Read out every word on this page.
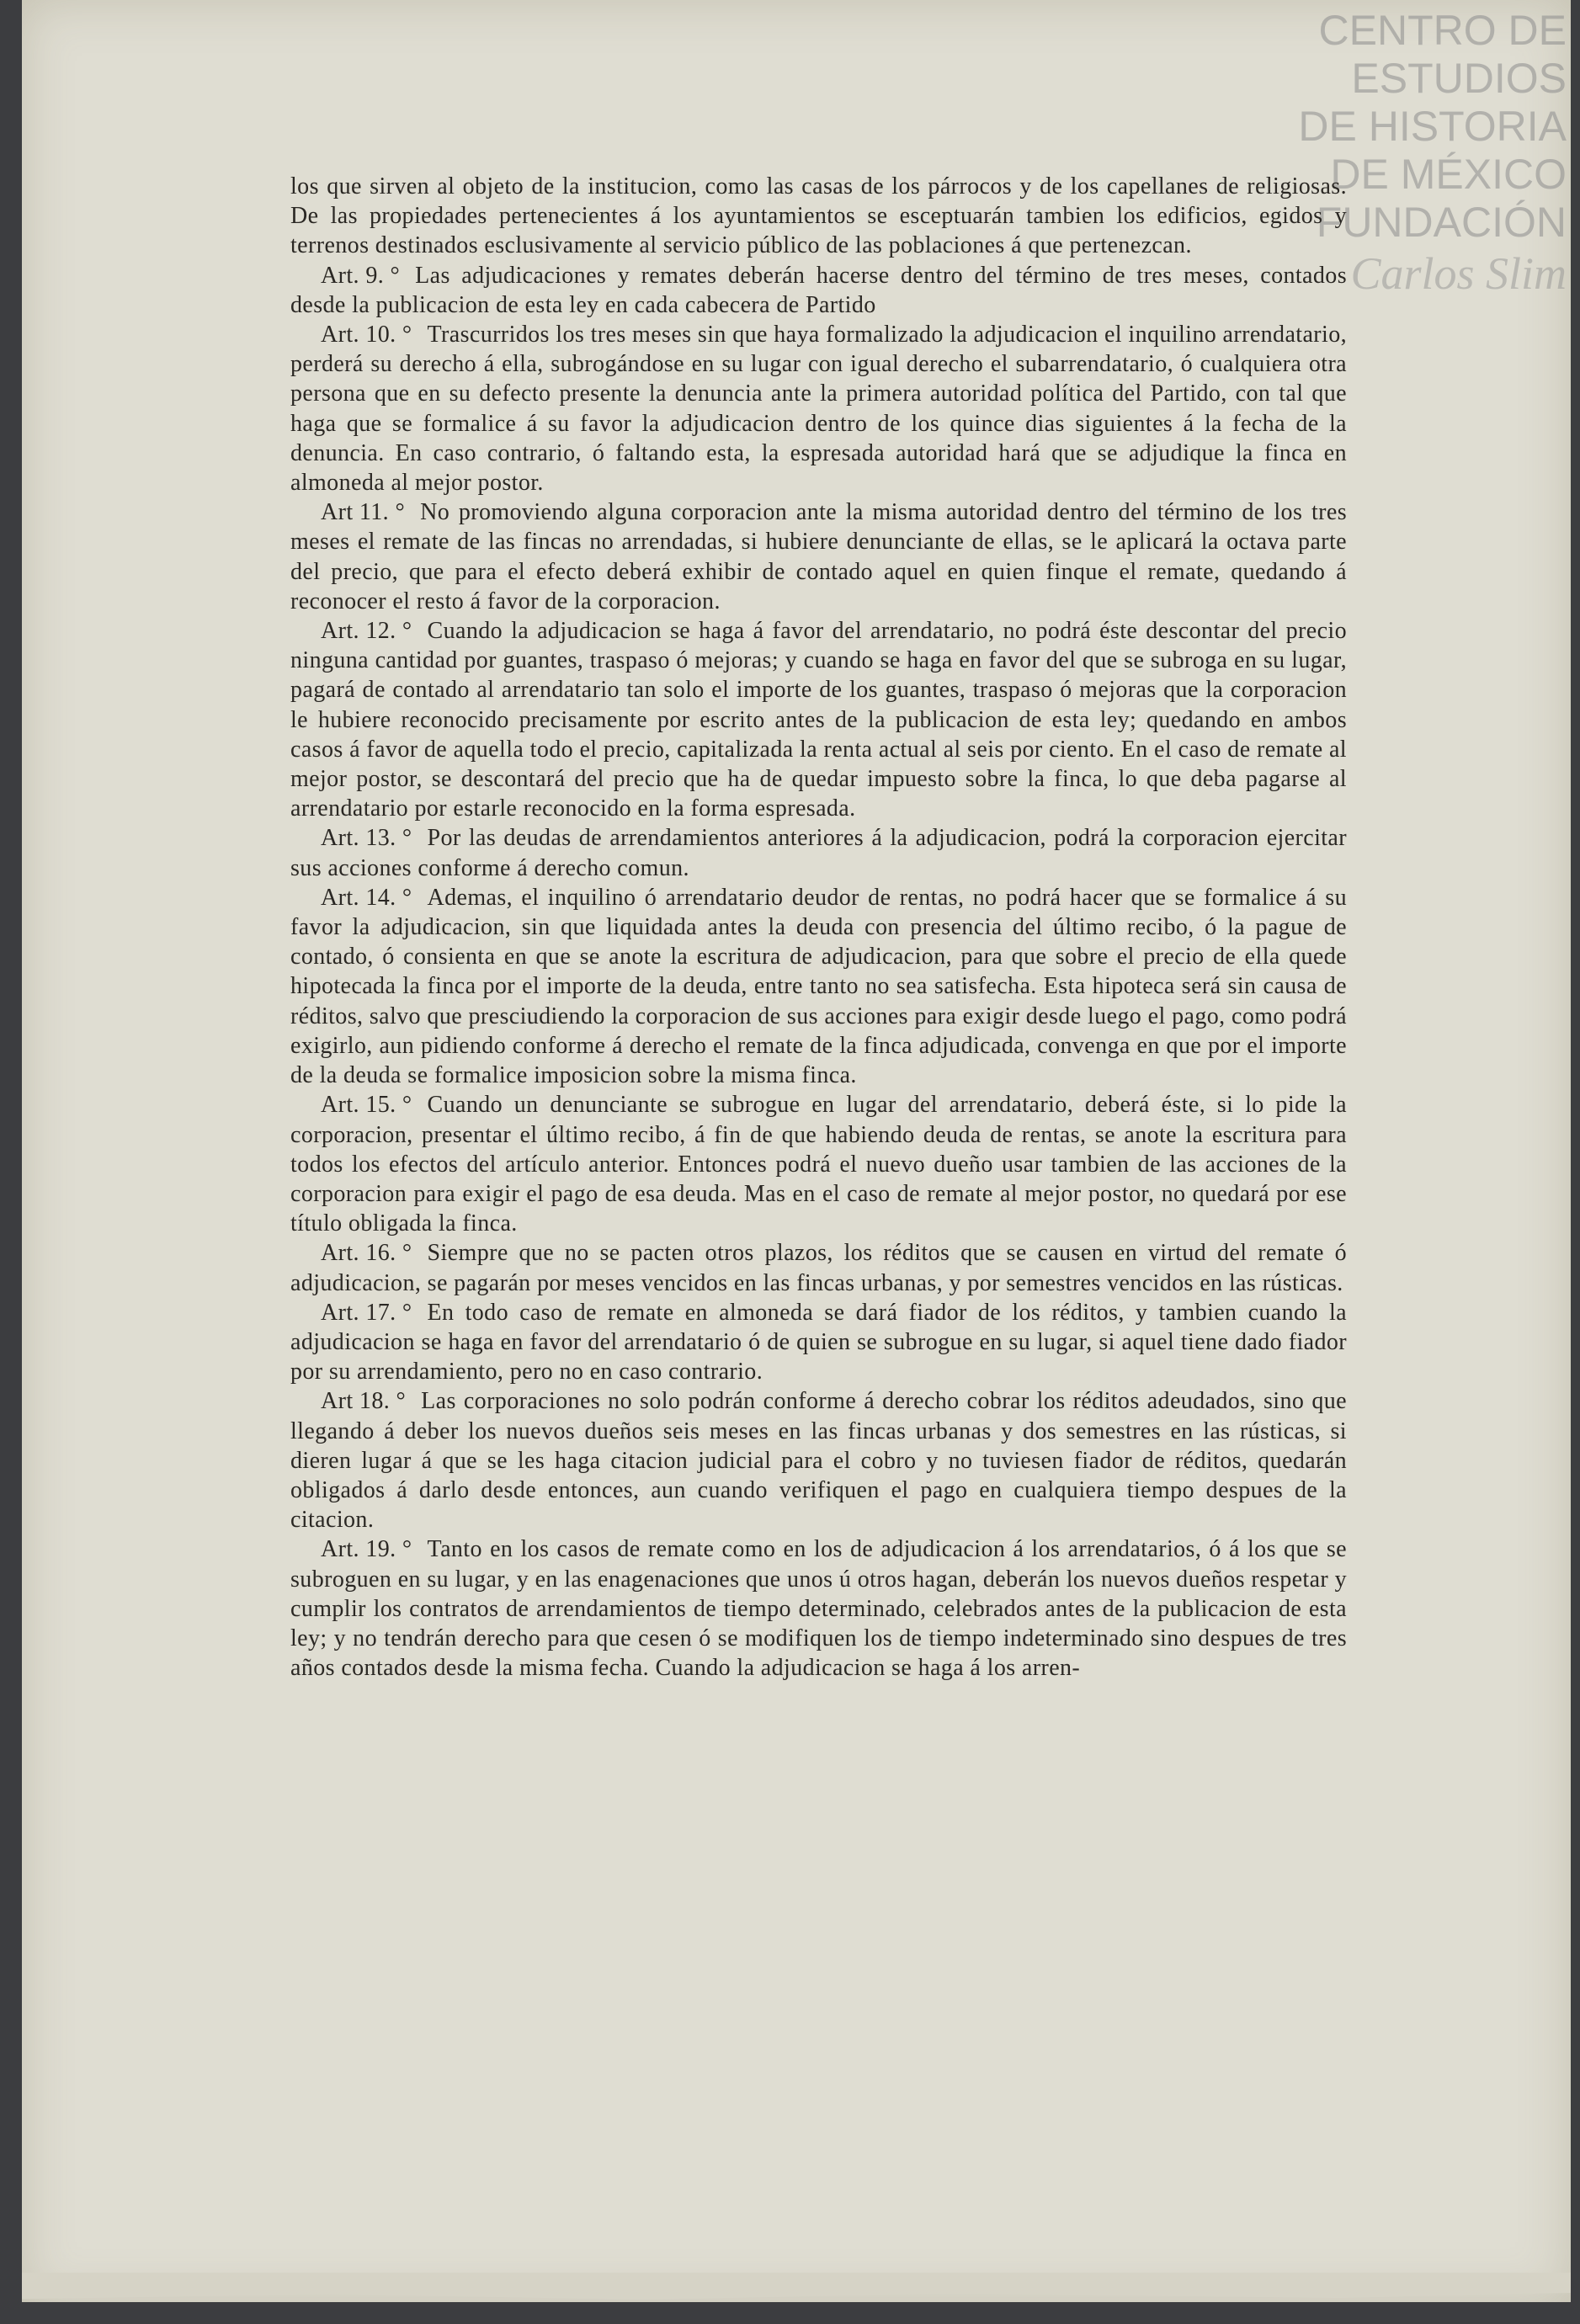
CENTRO DE
ESTUDIOS
DE HISTORIA
DE MÉXICO
FUNDACIÓN
Carlos Slim

los que sirven al objeto de la institucion, como las casas de los párrocos y de los capellanes de religiosas. De las propiedades pertenecientes á los ayuntamientos se esceptuarán tambien los edificios, egidos y terrenos destinados esclusivamente al servicio público de las poblaciones á que pertenezcan.

Art. 9. ° Las adjudicaciones y remates deberán hacerse dentro del término de tres meses, contados desde la publicacion de esta ley en cada cabecera de Partido

Art. 10. ° Trascurridos los tres meses sin que haya formalizado la adjudicacion el inquilino arrendatario, perderá su derecho á ella, subrogándose en su lugar con igual derecho el subarrendatario, ó cualquiera otra persona que en su defecto presente la denuncia ante la primera autoridad política del Partido, con tal que haga que se formalice á su favor la adjudicacion dentro de los quince dias siguientes á la fecha de la denuncia. En caso contrario, ó faltando esta, la espresada autoridad hará que se adjudique la finca en almoneda al mejor postor.

Art 11. ° No promoviendo alguna corporacion ante la misma autoridad dentro del término de los tres meses el remate de las fincas no arrendadas, si hubiere denunciante de ellas, se le aplicará la octava parte del precio, que para el efecto deberá exhibir de contado aquel en quien finque el remate, quedando á reconocer el resto á favor de la corporacion.

Art. 12. ° Cuando la adjudicacion se haga á favor del arrendatario, no podrá éste descontar del precio ninguna cantidad por guantes, traspaso ó mejoras; y cuando se haga en favor del que se subroga en su lugar, pagará de contado al arrendatario tan solo el importe de los guantes, traspaso ó mejoras que la corporacion le hubiere reconocido precisamente por escrito antes de la publicacion de esta ley; quedando en ambos casos á favor de aquella todo el precio, capitalizada la renta actual al seis por ciento. En el caso de remate al mejor postor, se descontará del precio que ha de quedar impuesto sobre la finca, lo que deba pagarse al arrendatario por estarle reconocido en la forma espresada.

Art. 13. ° Por las deudas de arrendamientos anteriores á la adjudicacion, podrá la corporacion ejercitar sus acciones conforme á derecho comun.

Art. 14. ° Ademas, el inquilino ó arrendatario deudor de rentas, no podrá hacer que se formalice á su favor la adjudicacion, sin que liquidada antes la deuda con presencia del último recibo, ó la pague de contado, ó consienta en que se anote la escritura de adjudicacion, para que sobre el precio de ella quede hipotecada la finca por el importe de la deuda, entre tanto no sea satisfecha. Esta hipoteca será sin causa de réditos, salvo que presciudiendo la corporacion de sus acciones para exigir desde luego el pago, como podrá exigirlo, aun pidiendo conforme á derecho el remate de la finca adjudicada, convenga en que por el importe de la deuda se formalice imposicion sobre la misma finca.

Art. 15. ° Cuando un denunciante se subrogue en lugar del arrendatario, deberá éste, si lo pide la corporacion, presentar el último recibo, á fin de que habiendo deuda de rentas, se anote la escritura para todos los efectos del artículo anterior. Entonces podrá el nuevo dueño usar tambien de las acciones de la corporacion para exigir el pago de esa deuda. Mas en el caso de remate al mejor postor, no quedará por ese título obligada la finca.

Art. 16. ° Siempre que no se pacten otros plazos, los réditos que se causen en virtud del remate ó adjudicacion, se pagarán por meses vencidos en las fincas urbanas, y por semestres vencidos en las rústicas.

Art. 17. ° En todo caso de remate en almoneda se dará fiador de los réditos, y tambien cuando la adjudicacion se haga en favor del arrendatario ó de quien se subrogue en su lugar, si aquel tiene dado fiador por su arrendamiento, pero no en caso contrario.

Art 18. ° Las corporaciones no solo podrán conforme á derecho cobrar los réditos adeudados, sino que llegando á deber los nuevos dueños seis meses en las fincas urbanas y dos semestres en las rústicas, si dieren lugar á que se les haga citacion judicial para el cobro y no tuviesen fiador de réditos, quedarán obligados á darlo desde entonces, aun cuando verifiquen el pago en cualquiera tiempo despues de la citacion.

Art. 19. ° Tanto en los casos de remate como en los de adjudicacion á los arrendatarios, ó á los que se subroguen en su lugar, y en las enagenaciones que unos ú otros hagan, deberán los nuevos dueños respetar y cumplir los contratos de arrendamientos de tiempo determinado, celebrados antes de la publicacion de esta ley; y no tendrán derecho para que cesen ó se modifiquen los de tiempo indeterminado sino despues de tres años contados desde la misma fecha. Cuando la adjudicacion se haga á los arren-
